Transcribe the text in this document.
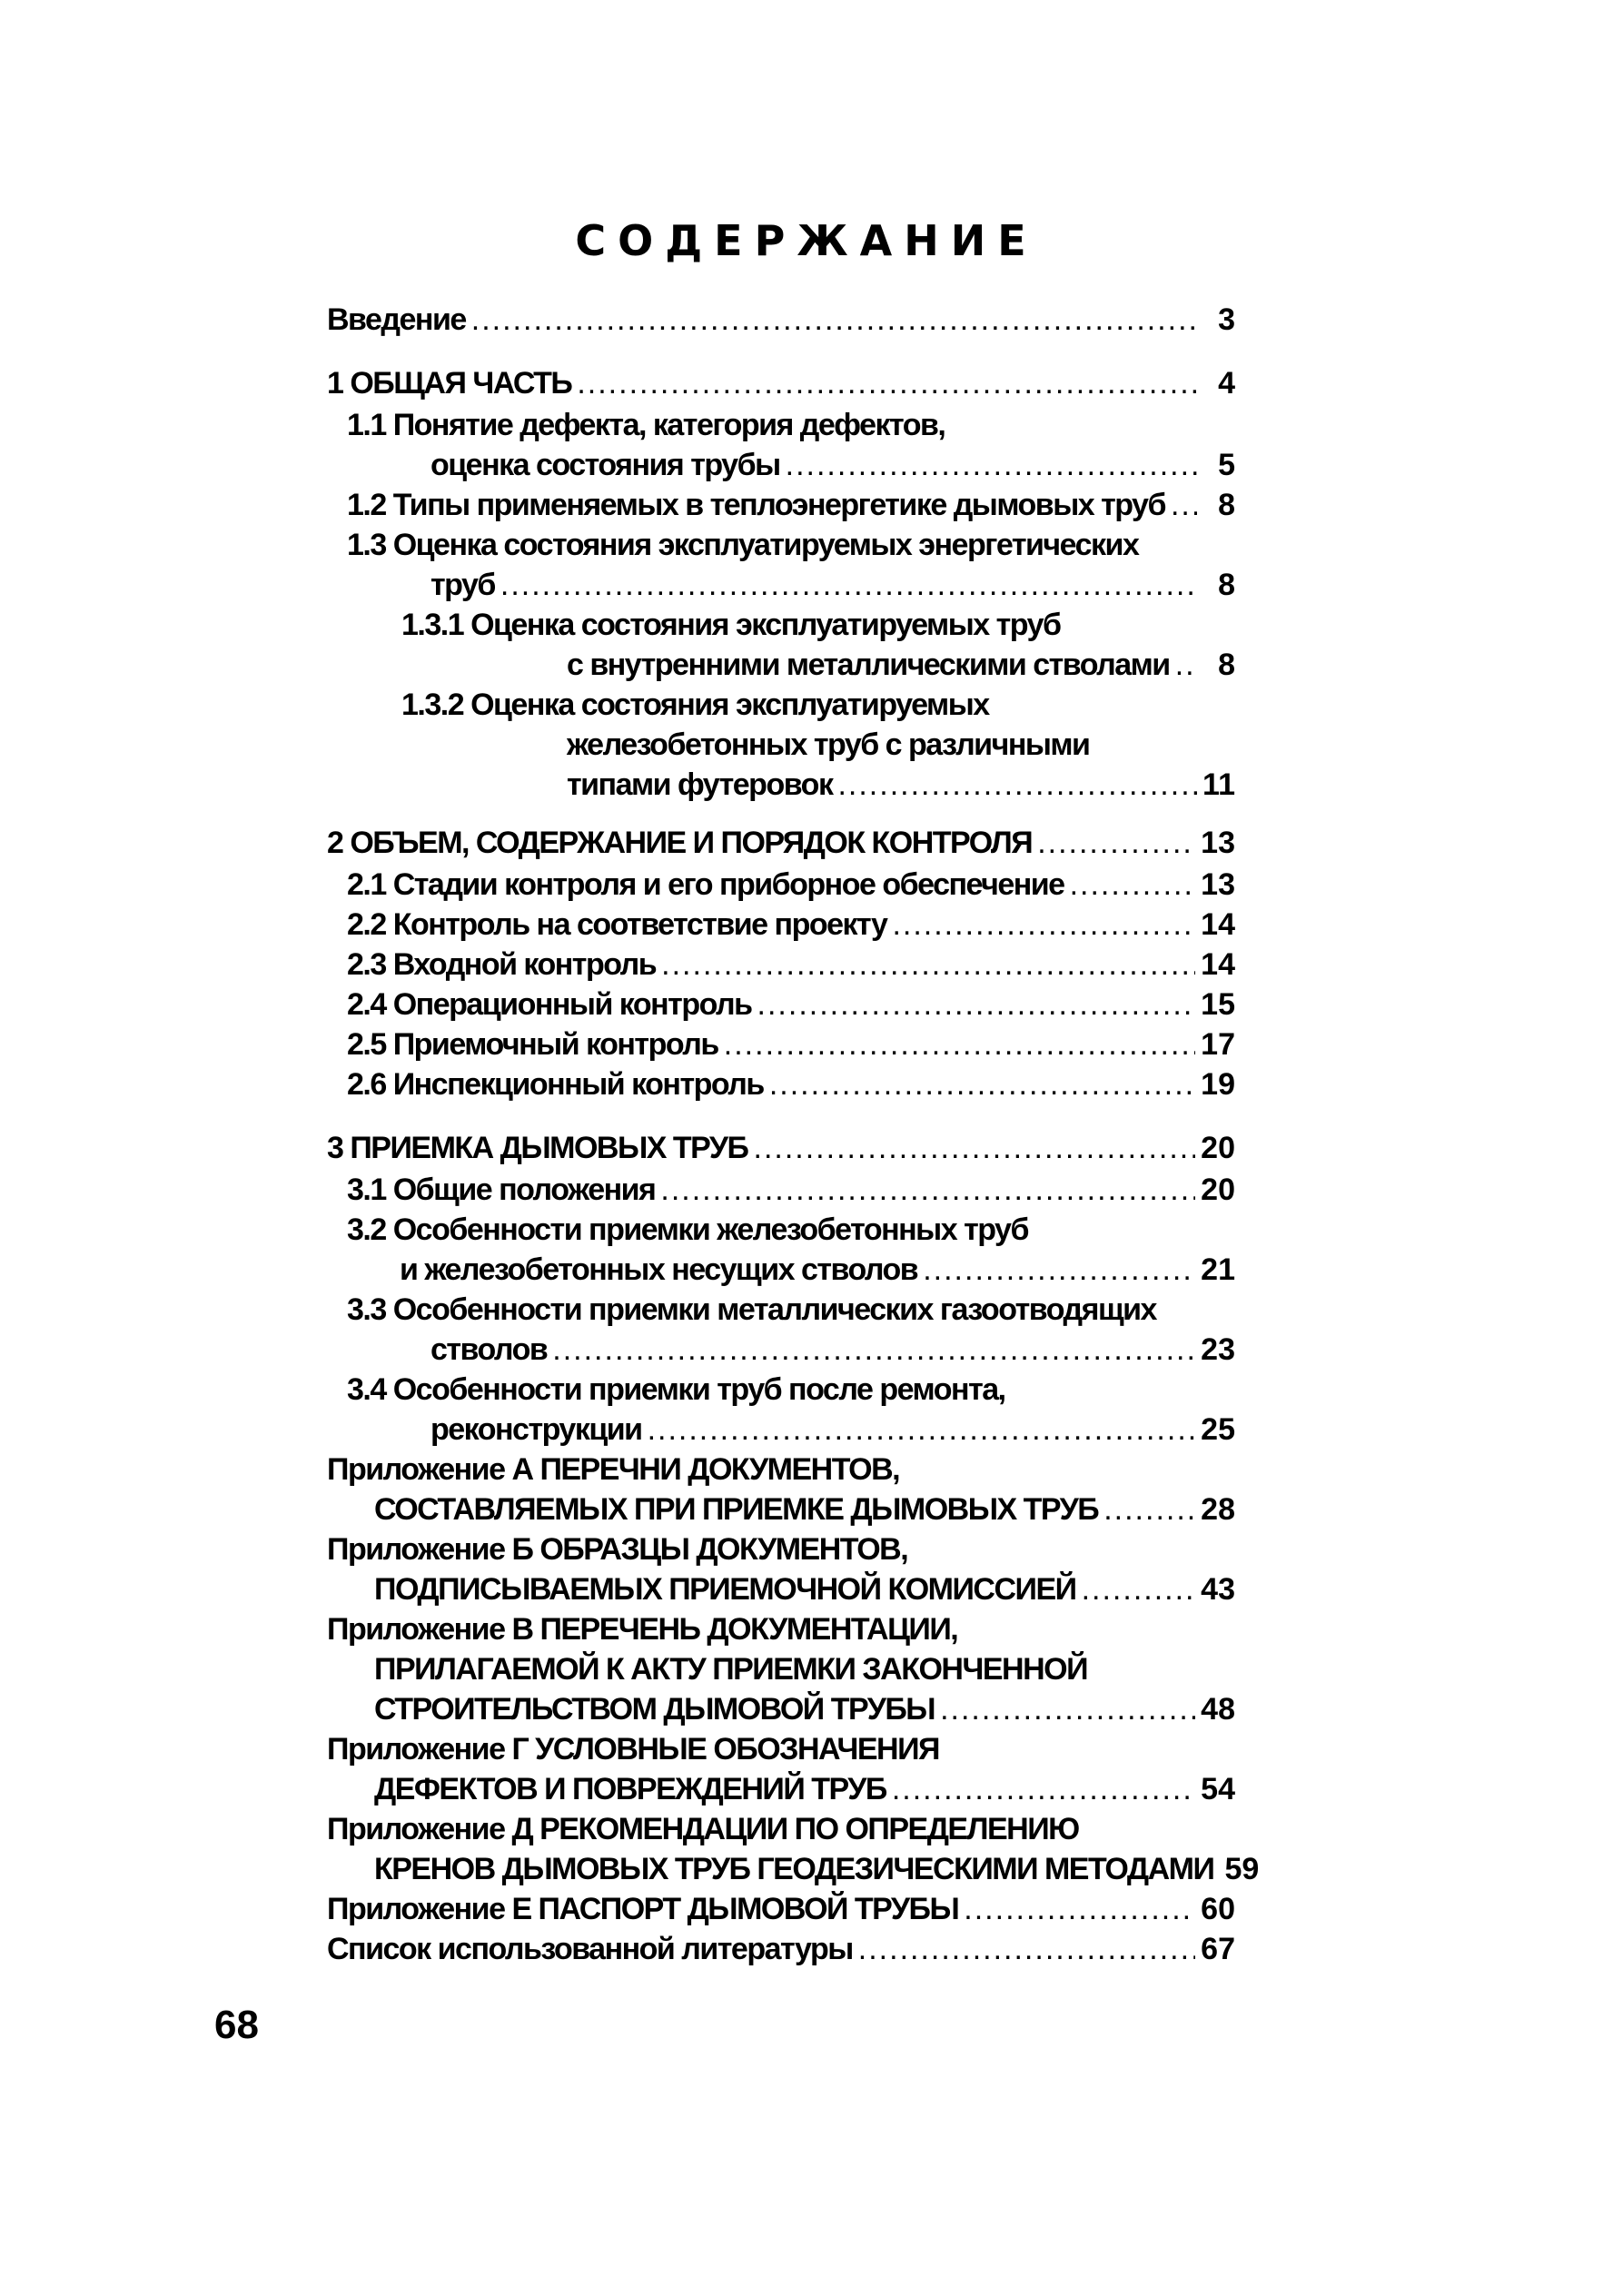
СОДЕРЖАНИЕ
Введение .....	3
1 ОБЩАЯ ЧАСТЬ .....	4
1.1 Понятие дефекта, категория дефектов,
оценка состояния трубы .....	5
1.2 Типы применяемых в теплоэнергетике дымовых труб .....	8
1.3 Оценка состояния эксплуатируемых энергетических
труб .....	8
1.3.1 Оценка состояния эксплуатируемых труб
с внутренними металлическими стволами .....	8
1.3.2 Оценка состояния эксплуатируемых
железобетонных труб с различными
типами футеровок .....	11
2 ОБЪЕМ, СОДЕРЖАНИЕ И ПОРЯДОК КОНТРОЛЯ .....	13
2.1 Стадии контроля и его приборное обеспечение .....	13
2.2 Контроль на соответствие проекту .....	14
2.3 Входной контроль .....	14
2.4 Операционный контроль .....	15
2.5 Приемочный контроль .....	17
2.6 Инспекционный контроль .....	19
3 ПРИЕМКА ДЫМОВЫХ ТРУБ .....	20
3.1 Общие положения .....	20
3.2 Особенности приемки железобетонных труб
и железобетонных несущих стволов .....	21
3.3 Особенности приемки металлических газоотводящих
стволов .....	23
3.4 Особенности приемки труб после ремонта,
реконструкции .....	25
Приложение А ПЕРЕЧНИ ДОКУМЕНТОВ,
СОСТАВЛЯЕМЫХ ПРИ ПРИЕМКЕ ДЫМОВЫХ ТРУБ .....	28
Приложение Б ОБРАЗЦЫ ДОКУМЕНТОВ,
ПОДПИСЫВАЕМЫХ ПРИЕМОЧНОЙ КОМИССИЕЙ .....	43
Приложение В ПЕРЕЧЕНЬ ДОКУМЕНТАЦИИ,
ПРИЛАГАЕМОЙ К АКТУ ПРИЕМКИ ЗАКОНЧЕННОЙ
СТРОИТЕЛЬСТВОМ ДЫМОВОЙ ТРУБЫ .....	48
Приложение Г УСЛОВНЫЕ ОБОЗНАЧЕНИЯ
ДЕФЕКТОВ И ПОВРЕЖДЕНИЙ ТРУБ .....	54
Приложение Д РЕКОМЕНДАЦИИ ПО ОПРЕДЕЛЕНИЮ
КРЕНОВ ДЫМОВЫХ ТРУБ ГЕОДЕЗИЧЕСКИМИ МЕТОДАМИ 59
Приложение Е ПАСПОРТ ДЫМОВОЙ ТРУБЫ .....	60
Список использованной литературы .....	67
68
